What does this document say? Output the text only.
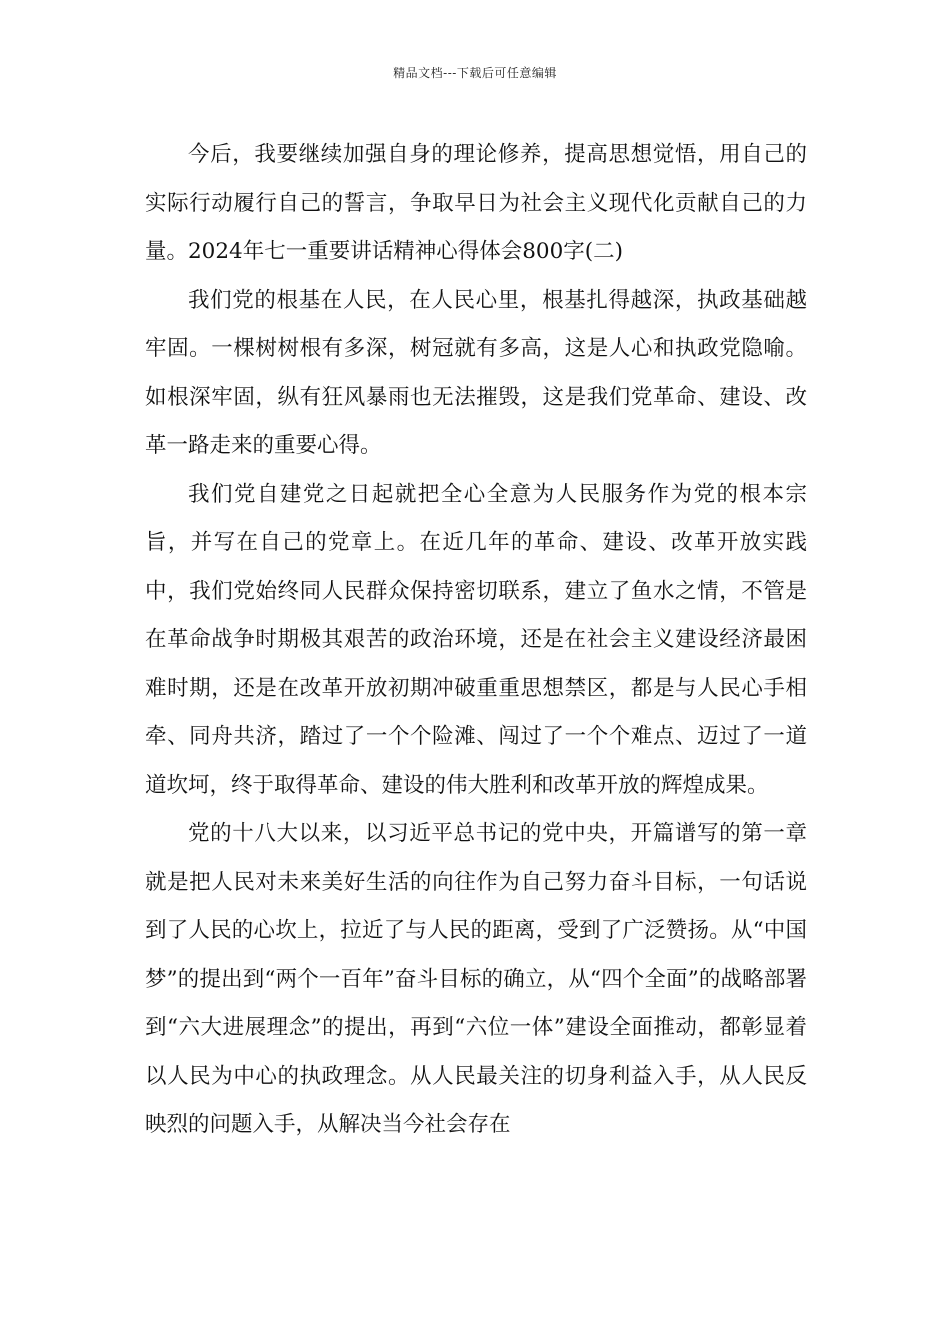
精品文档---下载后可任意编辑

今后，我要继续加强自身的理论修养，提高思想觉悟，用自己的实际行动履行自己的誓言，争取早日为社会主义现代化贡献自己的力量。2024年七一重要讲话精神心得体会800字(二)

我们党的根基在人民，在人民心里，根基扎得越深，执政基础越牢固。一棵树树根有多深，树冠就有多高，这是人心和执政党隐喻。如根深牢固，纵有狂风暴雨也无法摧毁，这是我们党革命、建设、改革一路走来的重要心得。

我们党自建党之日起就把全心全意为人民服务作为党的根本宗旨，并写在自己的党章上。在近几年的革命、建设、改革开放实践中，我们党始终同人民群众保持密切联系，建立了鱼水之情，不管是在革命战争时期极其艰苦的政治环境，还是在社会主义建设经济最困难时期，还是在改革开放初期冲破重重思想禁区，都是与人民心手相牵、同舟共济，踏过了一个个险滩、闯过了一个个难点、迈过了一道道坎坷，终于取得革命、建设的伟大胜利和改革开放的辉煌成果。

党的十八大以来，以习近平总书记的党中央，开篇谱写的第一章就是把人民对未来美好生活的向往作为自己努力奋斗目标，一句话说到了人民的心坎上，拉近了与人民的距离，受到了广泛赞扬。从“中国梦”的提出到“两个一百年”奋斗目标的确立，从“四个全面”的战略部署到“六大进展理念”的提出，再到“六位一体”建设全面推动，都彰显着以人民为中心的执政理念。从人民最关注的切身利益入手，从人民反映烈的问题入手，从解决当今社会存在
